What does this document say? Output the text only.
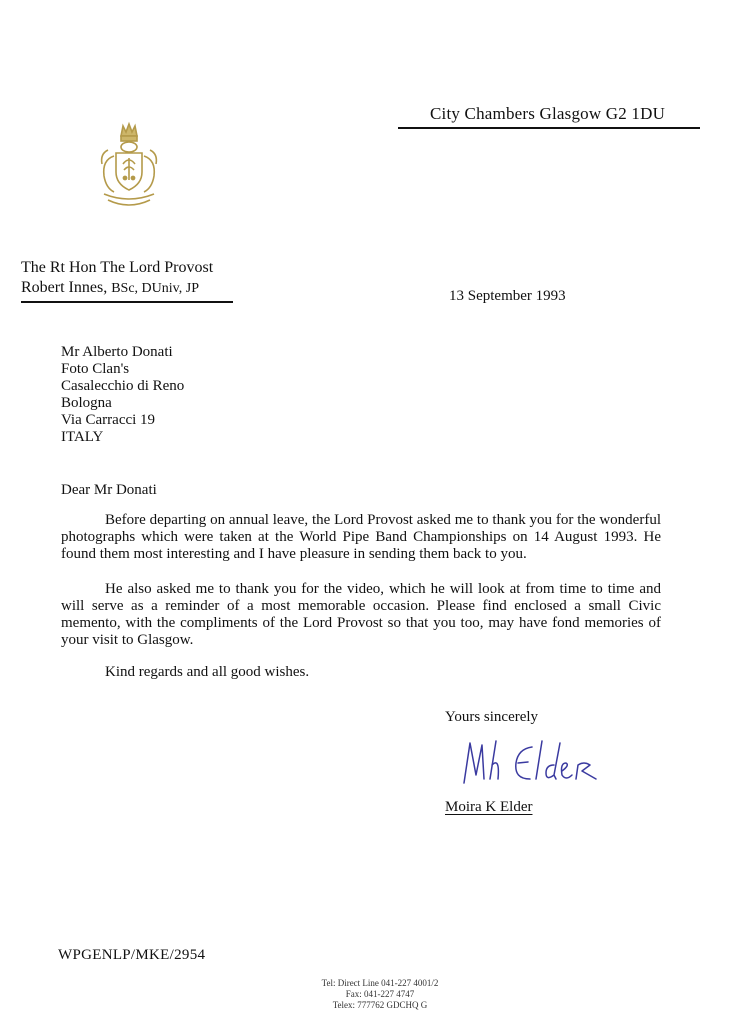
City Chambers Glasgow G2 1DU
The Rt Hon The Lord Provost
Robert Innes, BSc, DUniv, JP	13 September 1993
Mr Alberto Donati
Foto Clan's
Casalecchio di Reno
Bologna
Via Carracci 19
ITALY
Dear Mr Donati
Before departing on annual leave, the Lord Provost asked me to thank you for the wonderful photographs which were taken at the World Pipe Band Championships on 14 August 1993. He found them most interesting and I have pleasure in sending them back to you.
He also asked me to thank you for the video, which he will look at from time to time and will serve as a reminder of a most memorable occasion. Please find enclosed a small Civic memento, with the compliments of the Lord Provost so that you too, may have fond memories of your visit to Glasgow.
Kind regards and all good wishes.
Yours sincerely
Moira K Elder
WPGENLP/MKE/2954
Tel: Direct Line 041-227 4001/2
Fax: 041-227 4747
Telex: 777762 GDCHQ G
